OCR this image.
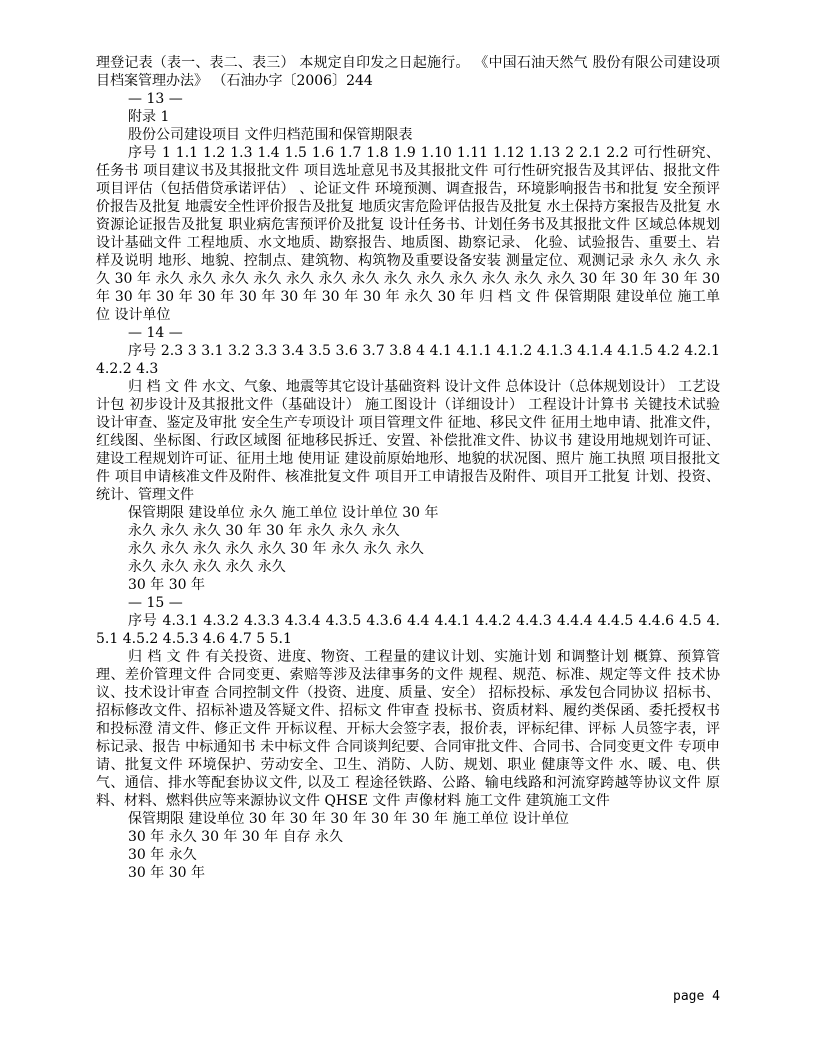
理登记表（表一、表二、表三） 本规定自印发之日起施行。 《中国石油天然气 股份有限公司建设项目档案管理办法》 （石油办字〔2006〕244

— 13 —

附录 1

股份公司建设项目 文件归档范围和保管期限表

序号 1 1.1 1.2 1.3 1.4 1.5 1.6 1.7 1.8 1.9 1.10 1.11 1.12 1.13 2 2.1 2.2 可行性研究、任务书 项目建议书及其报批文件 项目选址意见书及其报批文件 可行性研究报告及其评估、报批文件 项目评估（包括借贷承诺评估） 、论证文件 环境预测、调查报告，环境影响报告书和批复 安全预评价报告及批复 地震安全性评价报告及批复 地质灾害危险评估报告及批复 水土保持方案报告及批复 水资源论证报告及批复 职业病危害预评价及批复 设计任务书、计划任务书及其报批文件 区域总体规划 设计基础文件 工程地质、水文地质、勘察报告、地质图、勘察记录、 化验、试验报告、重要土、岩样及说明 地形、地貌、控制点、建筑物、构筑物及重要设备安装 测量定位、观测记录 永久 永久 永久 30 年 永久 永久 永久 永久 永久 永久 永久 永久 永久 永久 永久 永久 永久 30 年 30 年 30 年 30 年 30 年 30 年 30 年 30 年 30 年 30 年 30 年 永久 30 年 归 档 文 件 保管期限 建设单位 施工单位 设计单位

— 14 —

序号 2.3 3 3.1 3.2 3.3 3.4 3.5 3.6 3.7 3.8 4 4.1 4.1.1 4.1.2 4.1.3 4.1.4 4.1.5 4.2 4.2.1 4.2.2 4.3

归 档 文 件 水文、气象、地震等其它设计基础资料 设计文件 总体设计（总体规划设计） 工艺设计包 初步设计及其报批文件（基础设计） 施工图设计（详细设计） 工程设计计算书 关键技术试验 设计审查、鉴定及审批 安全生产专项设计 项目管理文件 征地、移民文件 征用土地申请、批准文件，红线图、坐标图、行政区域图 征地移民拆迁、安置、补偿批准文件、协议书 建设用地规划许可证、建设工程规划许可证、征用土地 使用证 建设前原始地形、地貌的状况图、照片 施工执照 项目报批文件 项目申请核准文件及附件、核准批复文件 项目开工申请报告及附件、项目开工批复 计划、投资、统计、管理文件

保管期限 建设单位 永久 施工单位 设计单位 30 年

永久 永久 永久 30 年 30 年 永久 永久 永久

永久 永久 永久 永久 永久 30 年 永久 永久 永久

永久 永久 永久 永久 永久

30 年 30 年

— 15 —

序号 4.3.1 4.3.2 4.3.3 4.3.4 4.3.5 4.3.6 4.4 4.4.1 4.4.2 4.4.3 4.4.4 4.4.5 4.4.6 4.5 4.5.1 4.5.2 4.5.3 4.6 4.7 5 5.1

归 档 文 件 有关投资、进度、物资、工程量的建议计划、实施计划 和调整计划 概算、预算管理、差价管理文件 合同变更、索赔等涉及法律事务的文件 规程、规范、标准、规定等文件 技术协议、技术设计审查 合同控制文件（投资、进度、质量、安全） 招标投标、承发包合同协议 招标书、招标修改文件、招标补遗及答疑文件、招标文 件审查 投标书、资质材料、履约类保函、委托授权书和投标澄 清文件、修正文件 开标议程、开标大会签字表，报价表，评标纪律、评标 人员签字表，评标记录、报告 中标通知书 未中标文件 合同谈判纪要、合同审批文件、合同书、合同变更文件 专项申请、批复文件 环境保护、劳动安全、卫生、消防、人防、规划、职业 健康等文件 水、暖、电、供气、通信、排水等配套协议文件, 以及工 程途径铁路、公路、输电线路和河流穿跨越等协议文件 原料、材料、燃料供应等来源协议文件 QHSE 文件 声像材料 施工文件 建筑施工文件

保管期限 建设单位 30 年 30 年 30 年 30 年 30 年 施工单位 设计单位

30 年 永久 30 年 30 年 自存 永久

30 年 永久

30 年 30 年

page 4
